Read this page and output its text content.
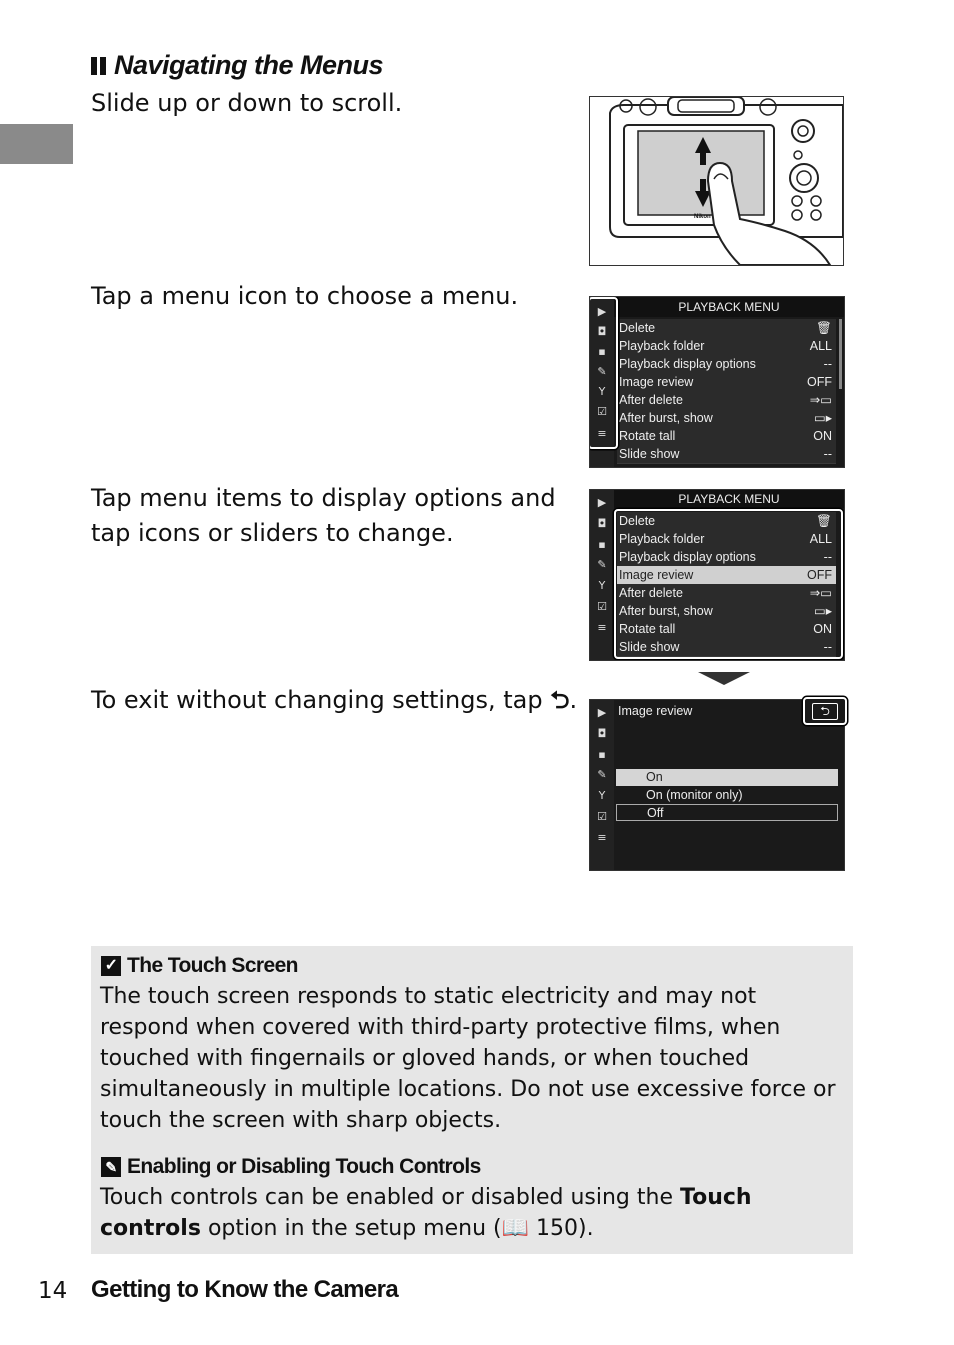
Navigating the Menus
Slide up or down to scroll.
Nikon
Tap a menu icon to choose a menu.
▶
◘
▪
✎
Y
☑
≡
PLAYBACK MENU
Delete	🗑
Playback folder	ALL
Playback display options	--
Image review	OFF
After delete	⇒▭
After burst, show	▭▸
Rotate tall	ON
Slide show	--
Tap menu items to display options and tap icons or sliders to change.
▶
◘
▪
✎
Y
☑
≡
PLAYBACK MENU
Delete	🗑
Playback folder	ALL
Playback display options	--
Image review	OFF
After delete	⇒▭
After burst, show	▭▸
Rotate tall	ON
Slide show	--
To exit without changing settings, tap ⮌.	▶
◘
▪
✎
Y
☑
≡
Image review
On
On (monitor only)
Off
⮌
✓ The Touch Screen
The touch screen responds to static electricity and may not respond when covered with third-party protective films, when touched with fingernails or gloved hands, or when touched simultaneously in multiple locations. Do not use excessive force or touch the screen with sharp objects.
✎ Enabling or Disabling Touch Controls
Touch controls can be enabled or disabled using the Touch controls option in the setup menu (📖 150).
14 Getting to Know the Camera
